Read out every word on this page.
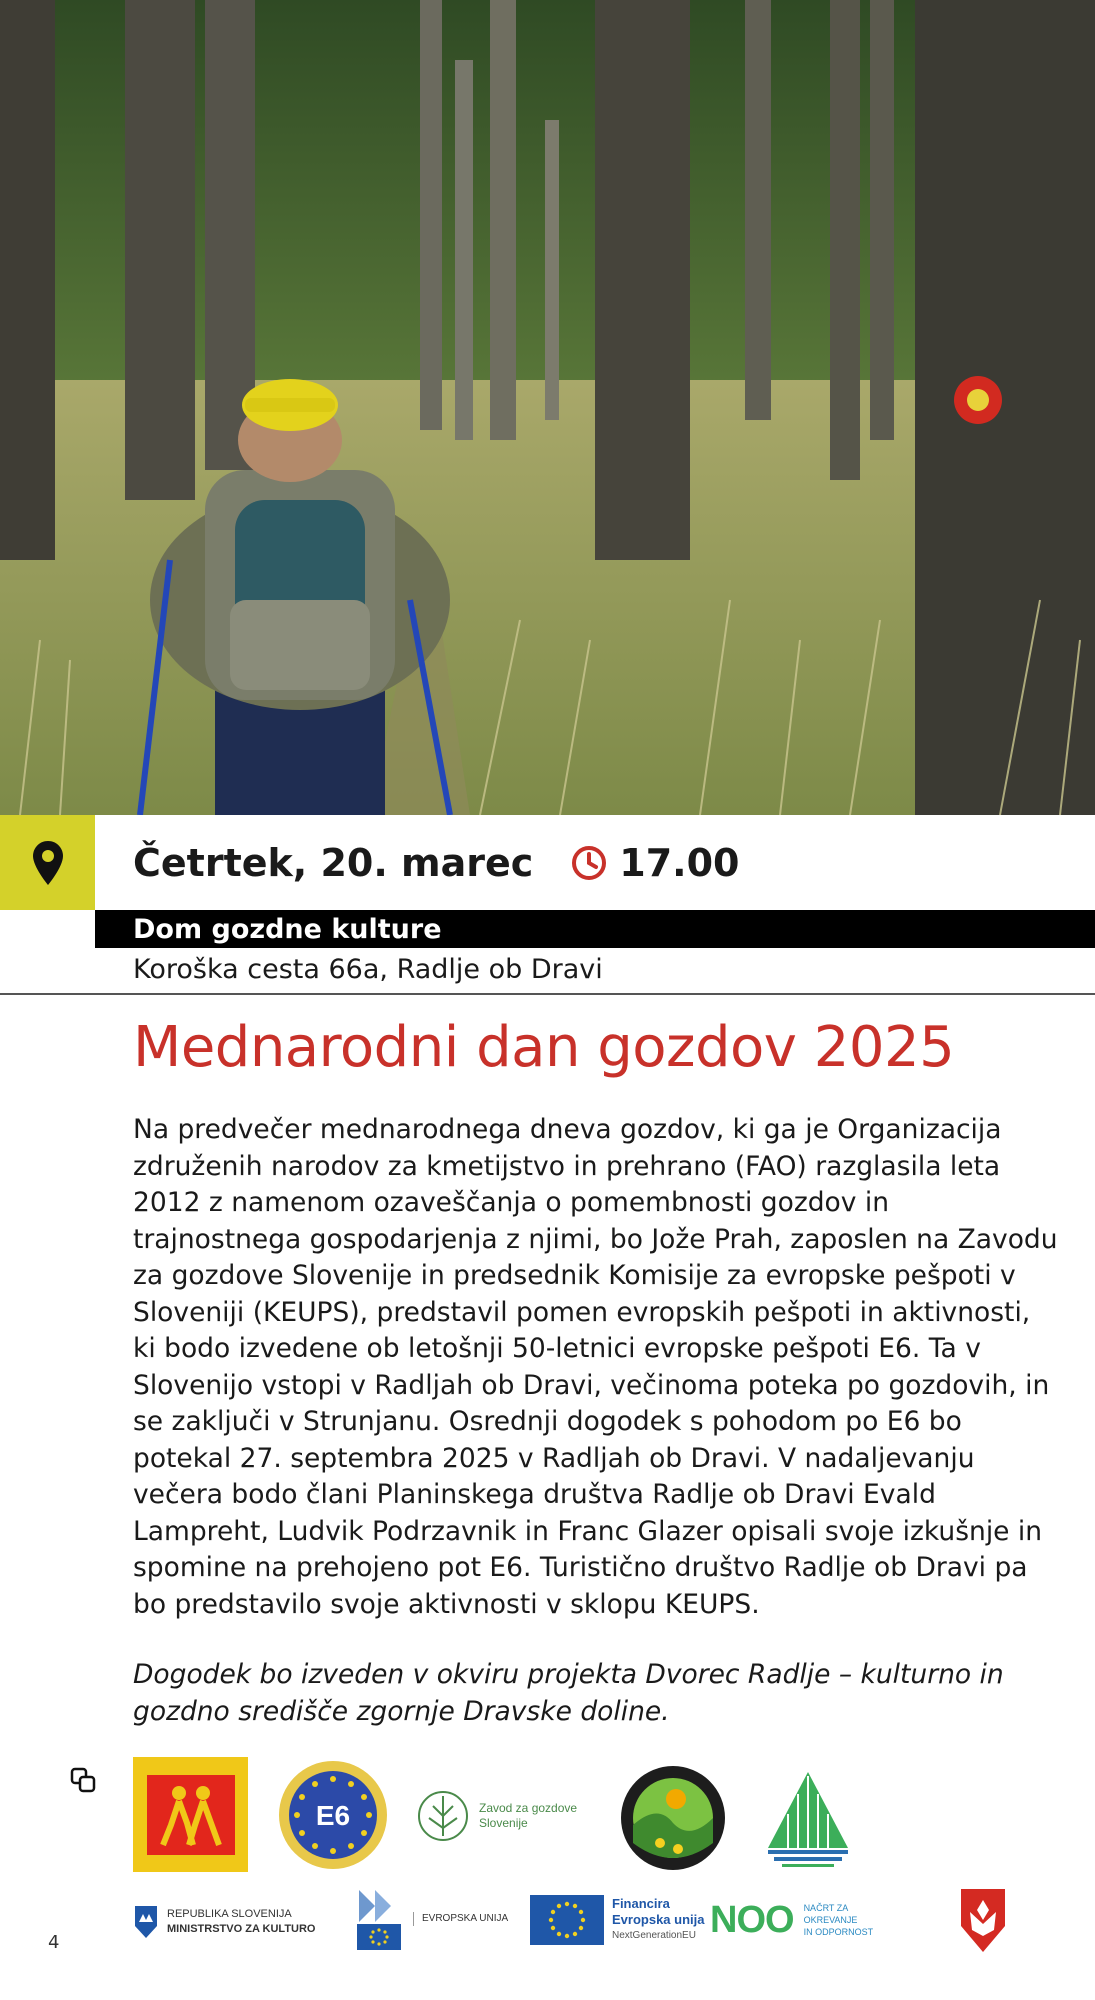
Četrtek, 20. marec 17.00
Dom gozdne kulture
Koroška cesta 66a, Radlje ob Dravi
Mednarodni dan gozdov 2025

Na predvečer mednarodnega dneva gozdov, ki ga je Organizacija združenih narodov za kmetijstvo in prehrano (FAO) razglasila leta 2012 z namenom ozaveščanja o pomembnosti gozdov in trajnostnega gospodarjenja z njimi, bo Jože Prah, zaposlen na Zavodu za gozdove Slovenije in predsednik Komisije za evropske pešpoti v Sloveniji (KEUPS), predstavil pomen evropskih pešpoti in aktivnosti, ki bodo izvedene ob letošnji 50-letnici evropske pešpoti E6. Ta v Slovenijo vstopi v Radljah ob Dravi, večinoma poteka po gozdovih, in se zaključi v Strunjanu. Osrednji dogodek s pohodom po E6 bo potekal 27. septembra 2025 v Radljah ob Dravi. V nadaljevanju večera bodo člani Planinskega društva Radlje ob Dravi Evald Lampreht, Ludvik Podrzavnik in Franc Glazer opisali svoje izkušnje in spomine na prehojeno pot E6. Turistično društvo Radlje ob Dravi pa bo predstavilo svoje aktivnosti v sklopu KEUPS.

Dogodek bo izveden v okviru projekta Dvorec Radlje – kulturno in gozdno središče zgornje Dravske doline.

E6	Zavod za gozdove
Slovenije
REPUBLIKA SLOVENIJA
MINISTRSTVO ZA KULTURO
EVROPSKA UNIJA
Financira
Evropska unija
NextGenerationEU NOO NAČRT ZA
OKREVANJE
IN ODPORNOST
4
